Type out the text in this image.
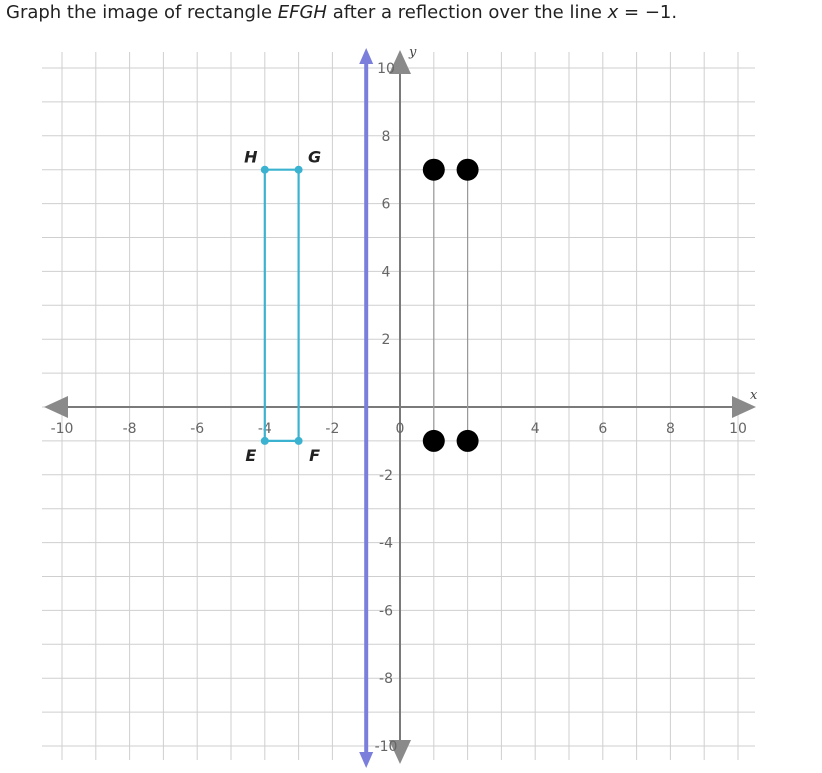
Graph the image of rectangle EFGH after a reflection over the line x = −1.
x
y
-10	-8	-6	-4	-2	0	4	6	8	10
10
8
6
4
2
-2
-4
-6
-8
-10
E	F
G
H
